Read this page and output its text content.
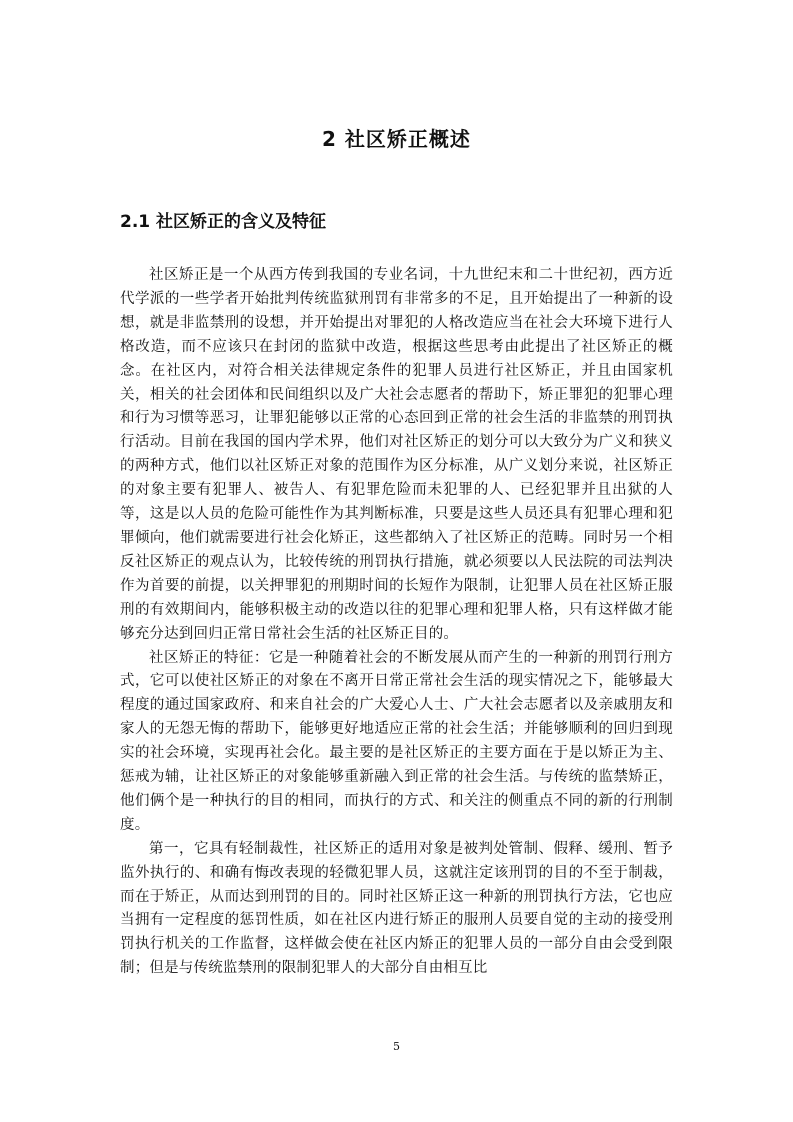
2 社区矫正概述
2.1 社区矫正的含义及特征

社区矫正是一个从西方传到我国的专业名词，十九世纪末和二十世纪初，西方近代学派的一些学者开始批判传统监狱刑罚有非常多的不足，且开始提出了一种新的设想，就是非监禁刑的设想，并开始提出对罪犯的人格改造应当在社会大环境下进行人格改造，而不应该只在封闭的监狱中改造，根据这些思考由此提出了社区矫正的概念。在社区内，对符合相关法律规定条件的犯罪人员进行社区矫正，并且由国家机关，相关的社会团体和民间组织以及广大社会志愿者的帮助下，矫正罪犯的犯罪心理和行为习惯等恶习，让罪犯能够以正常的心态回到正常的社会生活的非监禁的刑罚执行活动。目前在我国的国内学术界，他们对社区矫正的划分可以大致分为广义和狭义的两种方式，他们以社区矫正对象的范围作为区分标准，从广义划分来说，社区矫正的对象主要有犯罪人、被告人、有犯罪危险而未犯罪的人、已经犯罪并且出狱的人等，这是以人员的危险可能性作为其判断标准，只要是这些人员还具有犯罪心理和犯罪倾向，他们就需要进行社会化矫正，这些都纳入了社区矫正的范畴。同时另一个相反社区矫正的观点认为，比较传统的刑罚执行措施，就必须要以人民法院的司法判决作为首要的前提，以关押罪犯的刑期时间的长短作为限制，让犯罪人员在社区矫正服刑的有效期间内，能够积极主动的改造以往的犯罪心理和犯罪人格，只有这样做才能够充分达到回归正常日常社会生活的社区矫正目的。

社区矫正的特征：它是一种随着社会的不断发展从而产生的一种新的刑罚行刑方式，它可以使社区矫正的对象在不离开日常正常社会生活的现实情况之下，能够最大程度的通过国家政府、和来自社会的广大爱心人士、广大社会志愿者以及亲戚朋友和家人的无怨无悔的帮助下，能够更好地适应正常的社会生活；并能够顺利的回归到现实的社会环境，实现再社会化。最主要的是社区矫正的主要方面在于是以矫正为主、惩戒为辅，让社区矫正的对象能够重新融入到正常的社会生活。与传统的监禁矫正，他们俩个是一种执行的目的相同，而执行的方式、和关注的侧重点不同的新的行刑制度。

第一，它具有轻制裁性，社区矫正的适用对象是被判处管制、假释、缓刑、暂予监外执行的、和确有悔改表现的轻微犯罪人员，这就注定该刑罚的目的不至于制裁，而在于矫正，从而达到刑罚的目的。同时社区矫正这一种新的刑罚执行方法，它也应当拥有一定程度的惩罚性质，如在社区内进行矫正的服刑人员要自觉的主动的接受刑罚执行机关的工作监督，这样做会使在社区内矫正的犯罪人员的一部分自由会受到限制；但是与传统监禁刑的限制犯罪人的大部分自由相互比

5
